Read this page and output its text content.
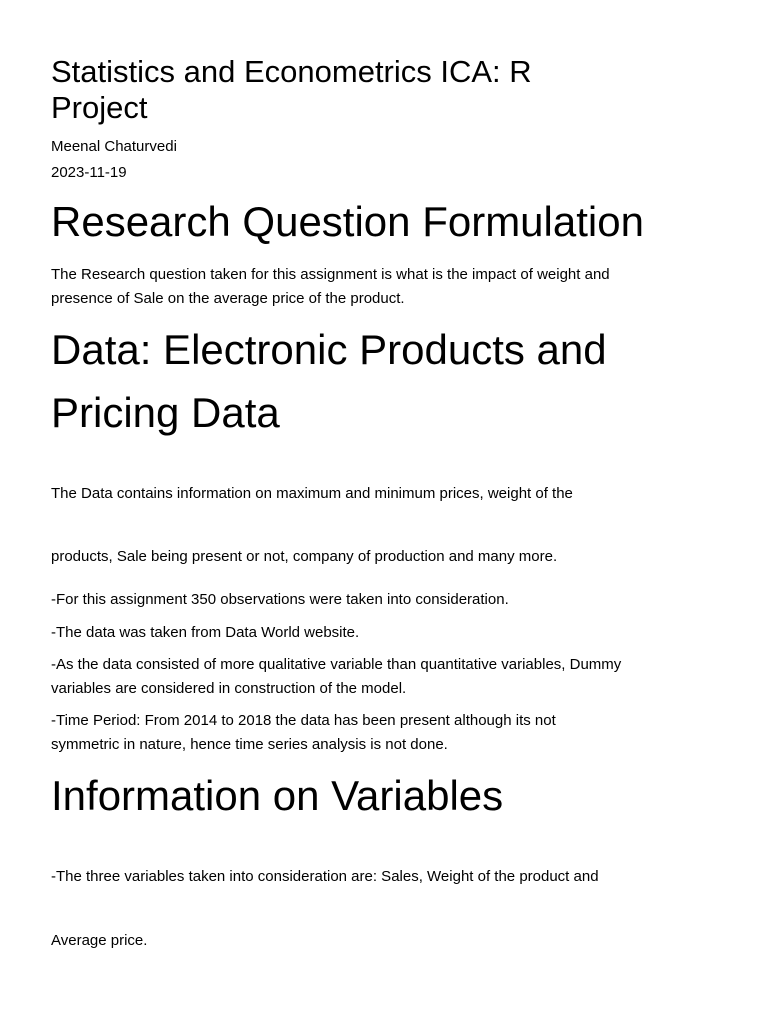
Statistics and Econometrics ICA: R
Project

Meenal Chaturvedi

2023-11-19

Research Question Formulation

The Research question taken for this assignment is what is the impact of weight and

presence of Sale on the average price of the product.

Data: Electronic Products and
Pricing Data

The Data contains information on maximum and minimum prices, weight of the

products, Sale being present or not, company of production and many more.

-For this assignment 350 observations were taken into consideration.

-The data was taken from Data World website.

-As the data consisted of more qualitative variable than quantitative variables, Dummy

variables are considered in construction of the model.

-Time Period: From 2014 to 2018 the data has been present although its not

symmetric in nature, hence time series analysis is not done.

Information on Variables

-The three variables taken into consideration are: Sales, Weight of the product and

Average price.
